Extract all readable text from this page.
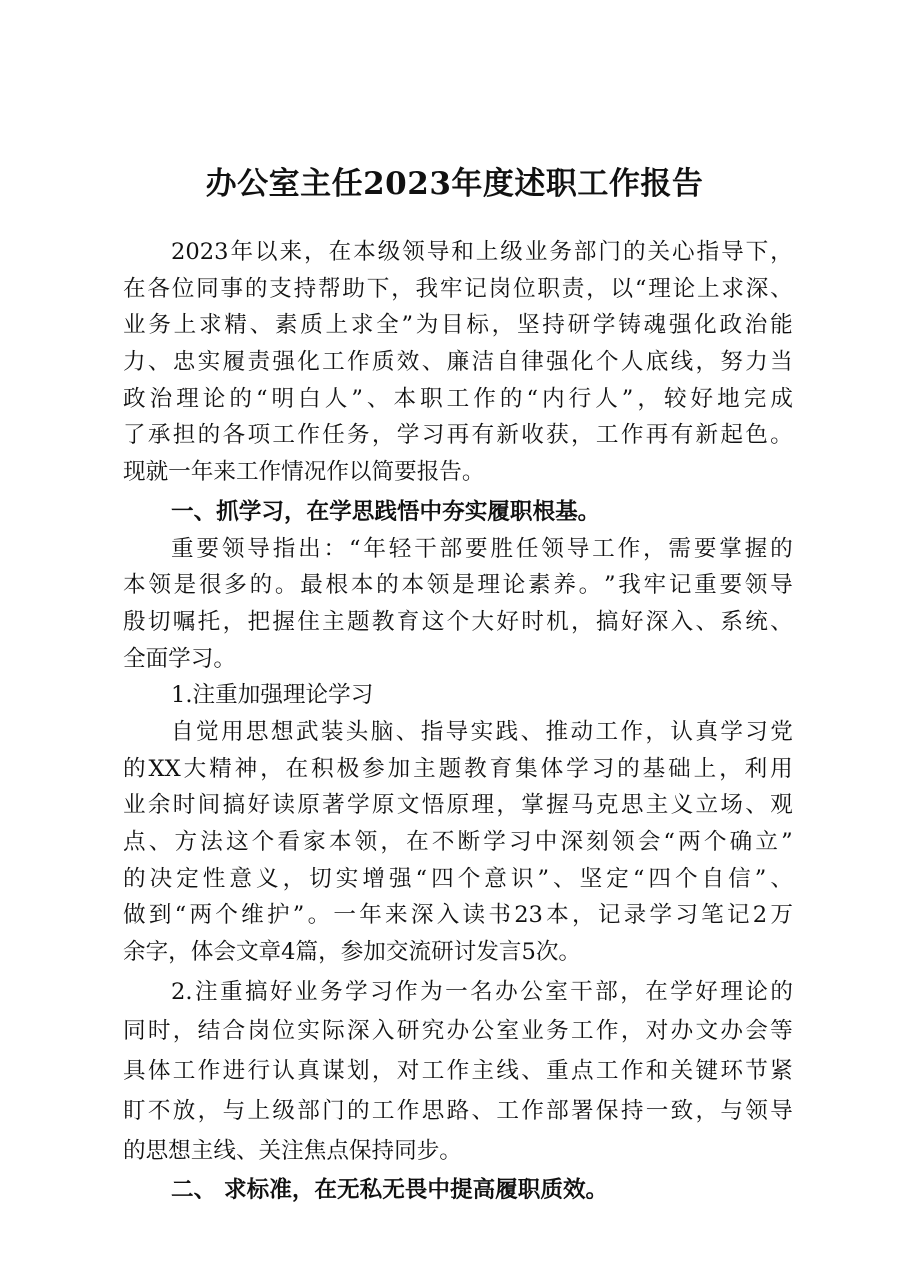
办公室主任2023年度述职工作报告
2023 年 以 来 ， 在 本 级 领 导 和 上 级 业 务 部 门 的 关 心 指 导 下 ，
在 各 位 同 事 的 支 持 帮 助 下 ， 我 牢 记 岗 位 职 责 ， 以 “ 理 论 上 求 深 、
业 务 上 求 精 、 素 质 上 求 全 ” 为 目 标 ， 坚 持 研 学 铸 魂 强 化 政 治 能
力 、 忠 实 履 责 强 化 工 作 质 效 、 廉 洁 自 律 强 化 个 人 底 线 ， 努 力 当
政 治 理 论 的 “ 明 白 人 ” 、 本 职 工 作 的 “ 内 行 人 ” ， 较 好 地 完 成
了 承 担 的 各 项 工 作 任 务 ， 学 习 再 有 新 收 获 ， 工 作 再 有 新 起 色 。
现就一年来工作情况作以简要报告。
一、抓学习，在学思践悟中夯实履职根基。
重 要 领 导 指 出 ： “ 年 轻 干 部 要 胜 任 领 导 工 作 ， 需 要 掌 握 的
本 领 是 很 多 的 。 最 根 本 的 本 领 是 理 论 素 养 。 ” 我 牢 记 重 要 领 导
殷 切 嘱 托 ， 把 握 住 主 题 教 育 这 个 大 好 时 机 ， 搞 好 深 入 、 系 统 、
全面学习。
1.注重加强理论学习
自 觉 用 思 想 武 装 头 脑 、 指 导 实 践 、 推 动 工 作 ， 认 真 学 习 党
的 XX 大 精 神 ， 在 积 极 参 加 主 题 教 育 集 体 学 习 的 基 础 上 ， 利 用
业 余 时 间 搞 好 读 原 著 学 原 文 悟 原 理 ， 掌 握 马 克 思 主 义 立 场 、 观
点 、 方 法 这 个 看 家 本 领 ， 在 不 断 学 习 中 深 刻 领 会 “ 两 个 确 立 ”
的 决 定 性 意 义 ， 切 实 增 强 “ 四 个 意 识 ” 、 坚 定 “ 四 个 自 信 ” 、
做 到 “ 两 个 维 护 ” 。 一 年 来 深 入 读 书 23 本 ， 记 录 学 习 笔 记 2 万
余字，体会文章4篇，参加交流研讨发言5次。
2. 注 重 搞 好 业 务 学 习 作 为 一 名 办 公 室 干 部 ， 在 学 好 理 论 的
同 时 ， 结 合 岗 位 实 际 深 入 研 究 办 公 室 业 务 工 作 ， 对 办 文 办 会 等
具 体 工 作 进 行 认 真 谋 划 ， 对 工 作 主 线 、 重 点 工 作 和 关 键 环 节 紧
盯 不 放 ， 与 上 级 部 门 的 工 作 思 路 、 工 作 部 署 保 持 一 致 ， 与 领 导
的思想主线、关注焦点保持同步。
二、 求标准，在无私无畏中提高履职质效。
